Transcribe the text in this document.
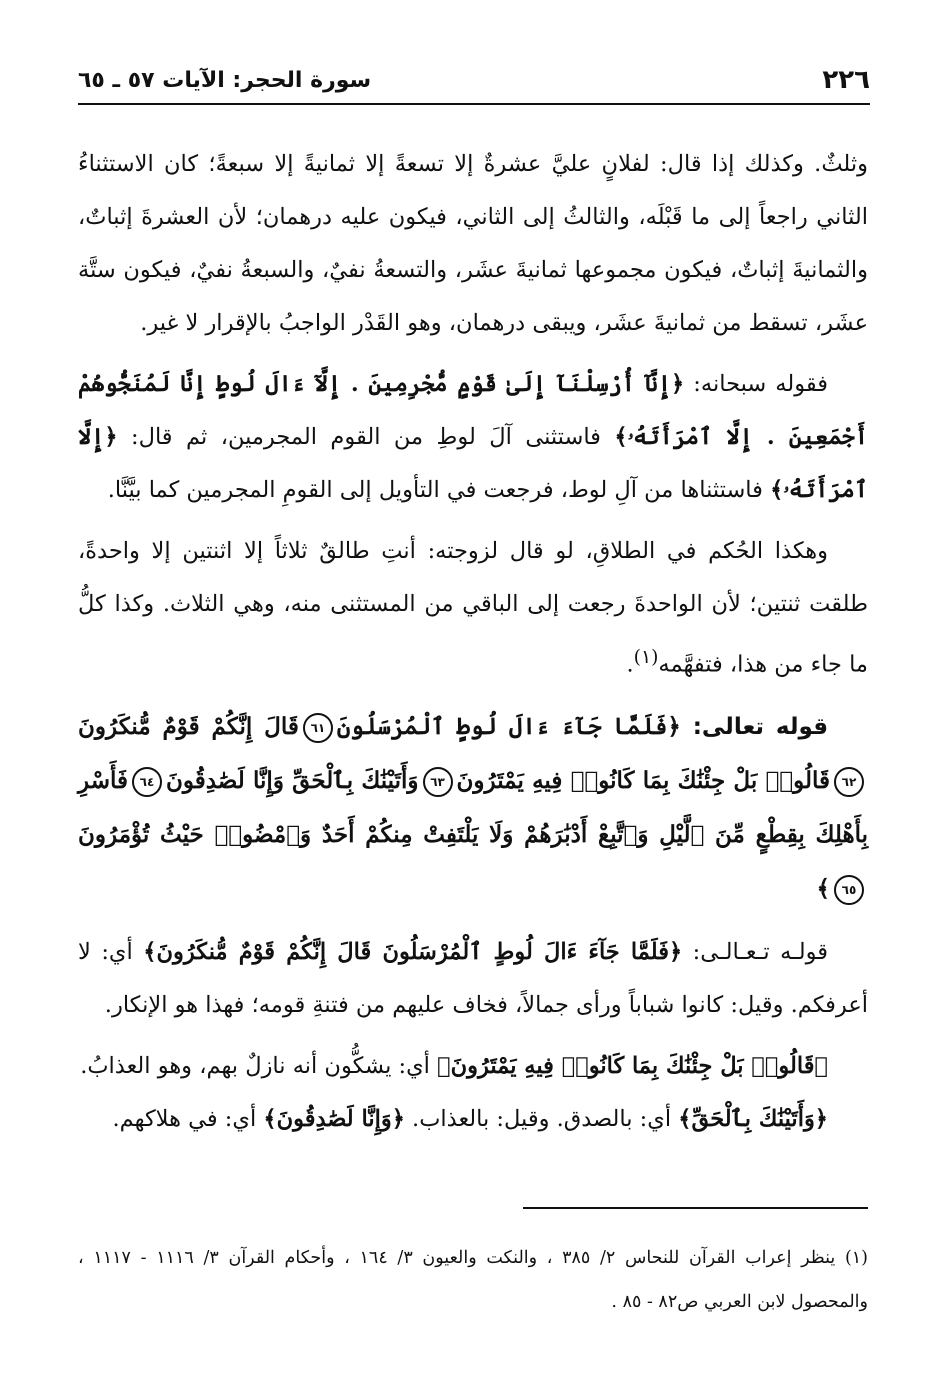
٢٢٦
سورة الحجر: الآيات ٥٧ ـ ٦٥

وثلثٌ. وكذلك إذا قال: لفلانٍ عليَّ عشرةٌ إلا تسعةً إلا ثمانيةً إلا سبعةً؛ كان الاستثناءُ الثاني راجعاً إلى ما قَبْلَه، والثالثُ إلى الثاني، فيكون عليه درهمان؛ لأن العشرةَ إثباتٌ، والثمانيةَ إثباتٌ، فيكون مجموعها ثمانيةَ عشَر، والتسعةُ نفيٌ، والسبعةُ نفيٌ، فيكون ستَّة عشَر، تسقط من ثمانيةَ عشَر، ويبقى درهمان، وهو القَدْر الواجبُ بالإقرار لا غير.

فقوله سبحانه: ﴿إِنَّآ أُرْسِلْنَآ إِلَىٰ قَوْمٍ مُّجْرِمِينَ . إِلَّآ ءَالَ لُوطٍ إِنَّا لَمُنَجُّوهُمْ أَجْمَعِينَ . إِلَّا ٱمْرَأَتَهُۥ﴾ فاستثنى آلَ لوطِ من القوم المجرمين، ثم قال: ﴿إِلَّا ٱمْرَأَتَهُۥ﴾ فاستثناها من آلِ لوط، فرجعت في التأويل إلى القومِ المجرمين كما بيَّنَّا.

وهكذا الحُكم في الطلاقِ، لو قال لزوجته: أنتِ طالقٌ ثلاثاً إلا اثنتين إلا واحدةً، طلقت ثنتين؛ لأن الواحدةَ رجعت إلى الباقي من المستثنى منه، وهي الثلاث. وكذا كلُّ ما جاء من هذا، فتفهَّمه$^{(١)}$.

قوله تعالى: ﴿فَلَمَّا جَآءَ ءَالَ لُوطٍ ٱلْمُرْسَلُونَ٦١قَالَ إِنَّكُمْ قَوْمٌ مُّنكَرُونَ٦٢قَالُوا۟ بَلْ جِئْنَٰكَ بِمَا كَانُوا۟ فِيهِ يَمْتَرُونَ٦٣وَأَتَيْنَٰكَ بِٱلْحَقِّ وَإِنَّا لَصَٰدِقُونَ٦٤فَأَسْرِ بِأَهْلِكَ بِقِطْعٍ مِّنَ ٱلَّيْلِ وَٱتَّبِعْ أَدْبَٰرَهُمْ وَلَا يَلْتَفِتْ مِنكُمْ أَحَدٌ وَٱمْضُوا۟ حَيْثُ تُؤْمَرُونَ٦٥﴾

قولـه تـعـالـى: ﴿فَلَمَّا جَآءَ ءَالَ لُوطٍ ٱلْمُرْسَلُونَ قَالَ إِنَّكُمْ قَوْمٌ مُّنكَرُونَ﴾ أي: لا أعرفكم. وقيل: كانوا شباباً ورأى جمالاً، فخاف عليهم من فتنةِ قومه؛ فهذا هو الإنكار.

﴿قَالُوا۟ بَلْ جِئْنَٰكَ بِمَا كَانُوا۟ فِيهِ يَمْتَرُونَ﴾ أي: يشكُّون أنه نازلٌ بهم، وهو العذابُ.

﴿وَأَتَيْنَٰكَ بِٱلْحَقِّ﴾ أي: بالصدق. وقيل: بالعذاب. ﴿وَإِنَّا لَصَٰدِقُونَ﴾ أي: في هلاكهم.

(١) ينظر إعراب القرآن للنحاس ٢/ ٣٨٥ ، والنكت والعيون ٣/ ١٦٤ ، وأحكام القرآن ٣/ ١١١٦ - ١١١٧ ، والمحصول لابن العربي ص٨٢ - ٨٥ .
